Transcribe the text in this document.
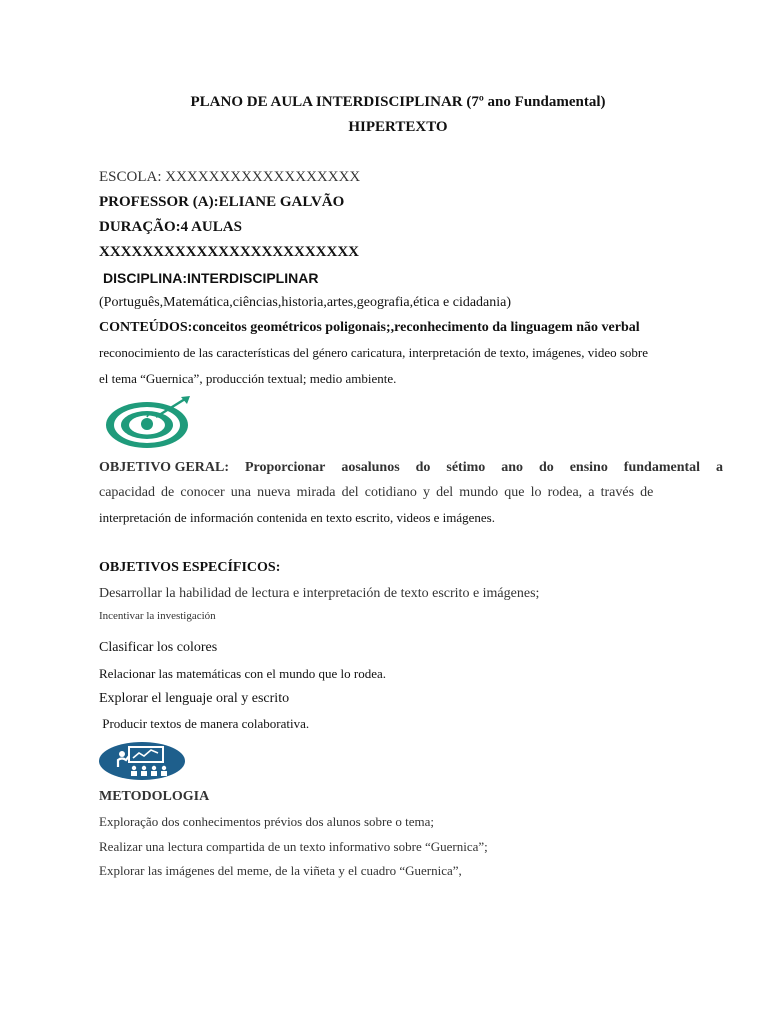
PLANO DE AULA INTERDISCIPLINAR (7º ano Fundamental)
HIPERTEXTO
ESCOLA: XXXXXXXXXXXXXXXXXX
PROFESSOR (A):ELIANE GALVÃO
DURAÇÃO:4 AULAS
XXXXXXXXXXXXXXXXXXXXXXXX
DISCIPLINA:INTERDISCIPLINAR
(Português,Matemática,ciências,historia,artes,geografia,ética e cidadania)
CONTEÚDOS:conceitos geométricos poligonais;,reconhecimento da linguagem não verbal
reconocimiento de las características del género caricatura, interpretación de texto, imágenes, video sobre
el tema “Guernica”, producción textual; medio ambiente.
OBJETIVO GERAL: Proporcionar aosalunos do sétimo ano do ensino fundamental a
capacidad de conocer una nueva mirada del cotidiano y del mundo que lo rodea, a través de
interpretación de información contenida en texto escrito, videos e imágenes.
OBJETIVOS ESPECÍFICOS:
Desarrollar la habilidad de lectura e interpretación de texto escrito e imágenes;
Incentivar la investigación
Clasificar los colores
Relacionar las matemáticas con el mundo que lo rodea.
Explorar el lenguaje oral y escrito
Producir textos de manera colaborativa.
METODOLOGIA
Exploração dos conhecimentos prévios dos alunos sobre o tema;
Realizar una lectura compartida de un texto informativo sobre “Guernica”;
Explorar las imágenes del meme, de la viñeta y el cuadro “Guernica”,
